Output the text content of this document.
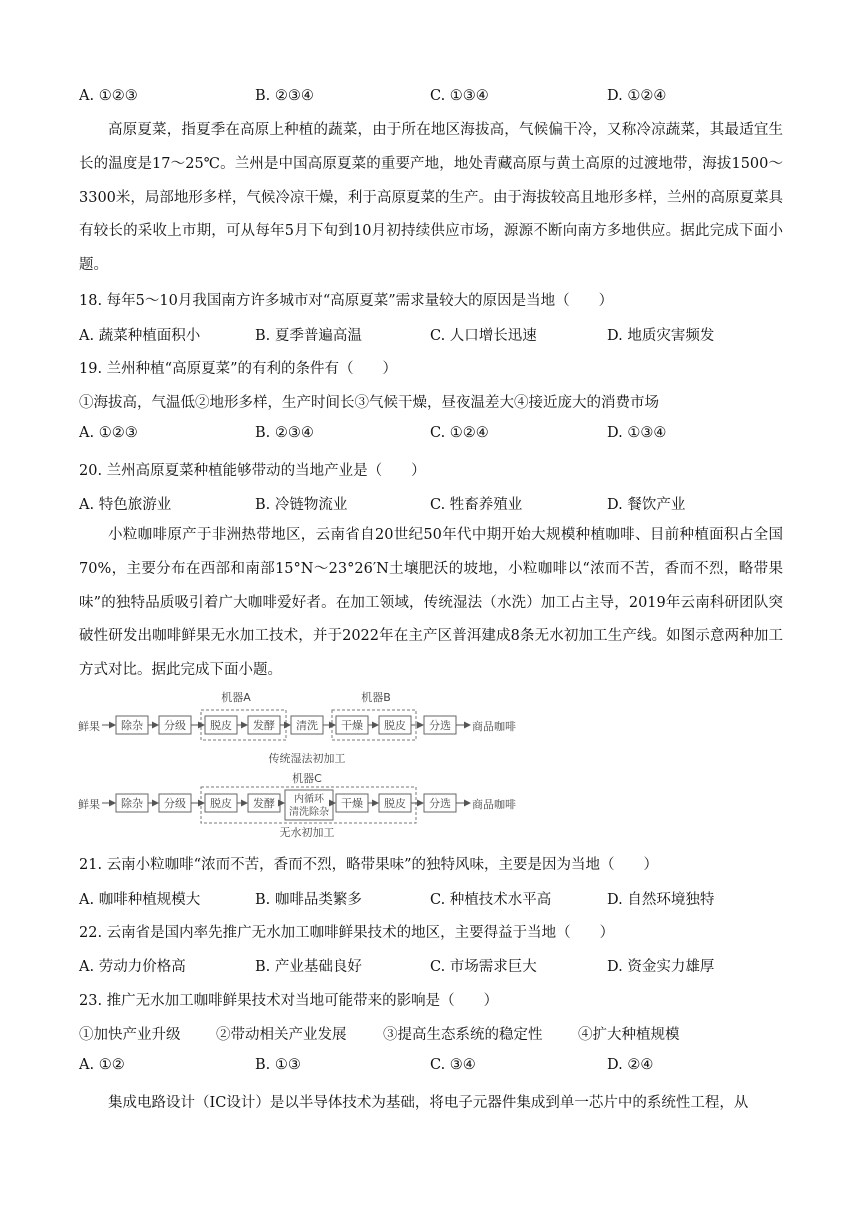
A. ①②③	B. ②③④	C. ①③④	D. ①②④
高原夏菜，指夏季在高原上种植的蔬菜，由于所在地区海拔高，气候偏干冷，又称冷凉蔬菜，其最适宜生长的温度是17～25℃。兰州是中国高原夏菜的重要产地，地处青藏高原与黄土高原的过渡地带，海拔1500～3300米，局部地形多样，气候冷凉干燥，利于高原夏菜的生产。由于海拔较高且地形多样，兰州的高原夏菜具有较长的采收上市期，可从每年5月下旬到10月初持续供应市场，源源不断向南方多地供应。据此完成下面小题。
18. 每年5～10月我国南方许多城市对“高原夏菜”需求量较大的原因是当地（　　）
A. 蔬菜种植面积小	B. 夏季普遍高温	C. 人口增长迅速	D. 地质灾害频发
19. 兰州种植“高原夏菜”的有利的条件有（　　）
①海拔高，气温低②地形多样，生产时间长③气候干燥，昼夜温差大④接近庞大的消费市场
A. ①②③	B. ②③④	C. ①②④	D. ①③④
20. 兰州高原夏菜种植能够带动的当地产业是（　　）
A. 特色旅游业	B. 冷链物流业	C. 牲畜养殖业	D. 餐饮产业
小粒咖啡原产于非洲热带地区，云南省自20世纪50年代中期开始大规模种植咖啡、目前种植面积占全国70%，主要分布在西部和南部15°N～23°26′N土壤肥沃的坡地，小粒咖啡以“浓而不苦，香而不烈，略带果味”的独特品质吸引着广大咖啡爱好者。在加工领域，传统湿法（水洗）加工占主导，2019年云南科研团队突破性研发出咖啡鲜果无水加工技术，并于2022年在主产区普洱建成8条无水初加工生产线。如图示意两种加工方式对比。据此完成下面小题。
鲜果
机器A	机器B
除杂 分级 脱皮 发酵 清洗 干燥 脱皮 分选 商品咖啡
传统湿法初加工
鲜果
机器C
除杂 分级 脱皮 发酵 内循环
清洗除杂
干燥 脱皮 分选 商品咖啡
无水初加工
21. 云南小粒咖啡“浓而不苦，香而不烈，略带果味”的独特风味，主要是因为当地（　　）
A. 咖啡种植规模大	B. 咖啡品类繁多	C. 种植技术水平高	D. 自然环境独特
22. 云南省是国内率先推广无水加工咖啡鲜果技术的地区，主要得益于当地（　　）
A. 劳动力价格高	B. 产业基础良好	C. 市场需求巨大	D. 资金实力雄厚
23. 推广无水加工咖啡鲜果技术对当地可能带来的影响是（　　）
①加快产业升级 ②带动相关产业发展	③提高生态系统的稳定性 ④扩大种植规模
A. ①②	B. ①③	C. ③④	D. ②④
集成电路设计（IC设计）是以半导体技术为基础，将电子元器件集成到单一芯片中的系统性工程，从
